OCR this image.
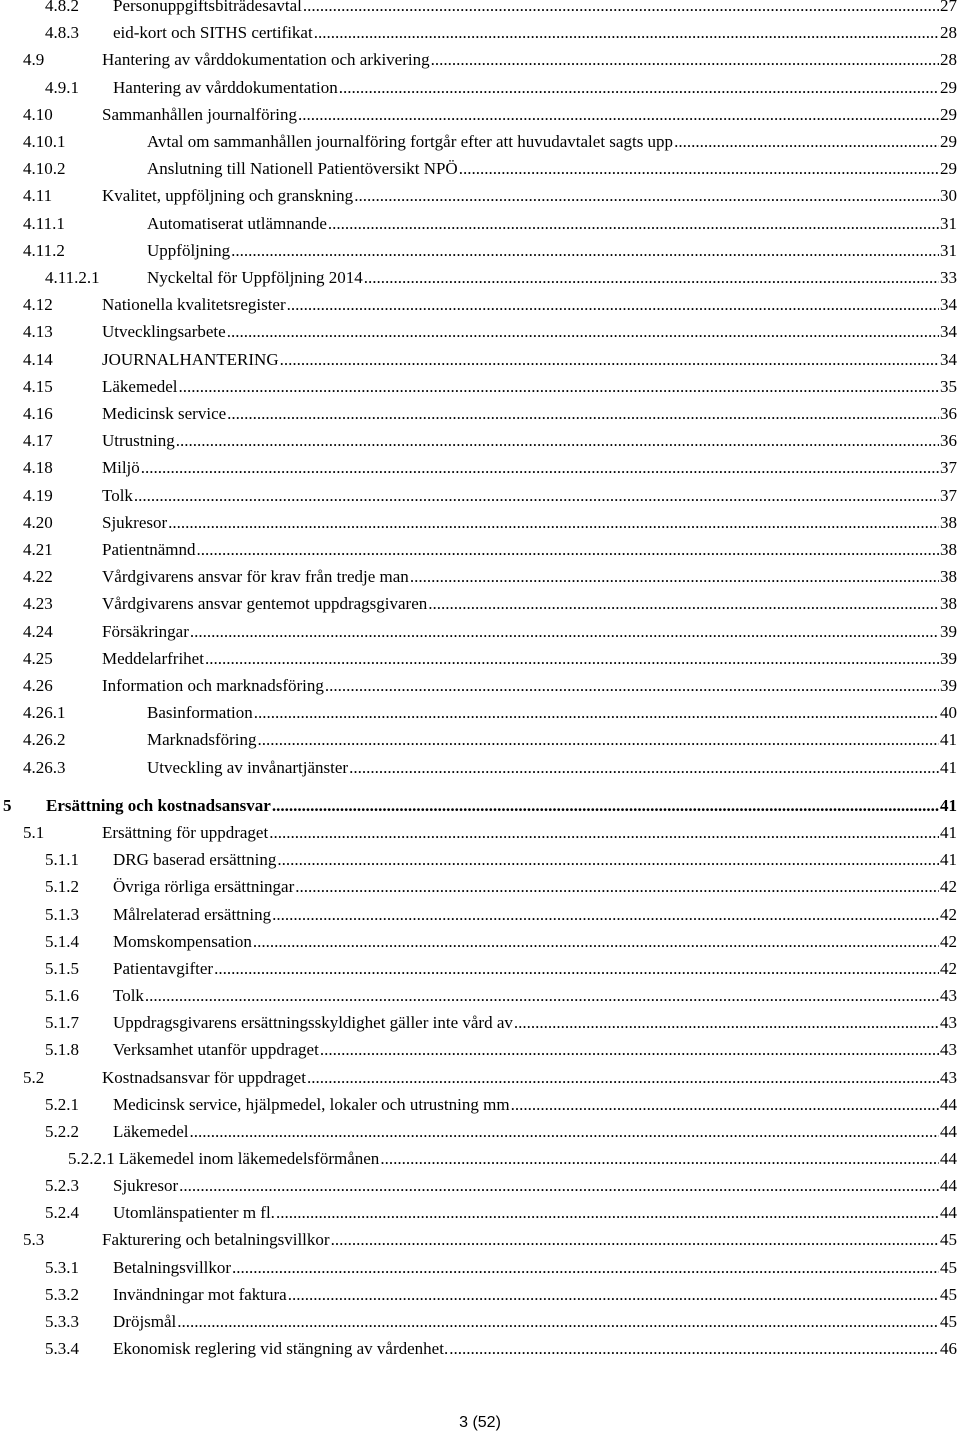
4.8.2 Personuppgiftsbiträdesavtal .....	27
4.8.3 eid-kort och SITHS certifikat .....	28
4.9	Hantering av vårddokumentation och arkivering .....	28
4.9.1 Hantering av vårddokumentation .....	29
4.10	Sammanhållen journalföring .....	29
4.10.1	Avtal om sammanhållen journalföring fortgår efter att huvudavtalet sagts upp .....	29
4.10.2	Anslutning till Nationell Patientöversikt NPÖ .....	29
4.11	Kvalitet, uppföljning och granskning .....	30
4.11.1	Automatiserat utlämnande .....	31
4.11.2	Uppföljning .....	31
4.11.2.1	Nyckeltal för Uppföljning 2014 .....	33
4.12	Nationella kvalitetsregister .....	34
4.13	Utvecklingsarbete .....	34
4.14	JOURNALHANTERING .....	34
4.15	Läkemedel .....	35
4.16	Medicinsk service .....	36
4.17	Utrustning .....	36
4.18	Miljö .....	37
4.19	Tolk .....	37
4.20	Sjukresor .....	38
4.21	Patientnämnd .....	38
4.22	Vårdgivarens ansvar för krav från tredje man .....	38
4.23	Vårdgivarens ansvar gentemot uppdragsgivaren .....	38
4.24	Försäkringar .....	39
4.25	Meddelarfrihet .....	39
4.26	Information och marknadsföring .....	39
4.26.1	Basinformation .....	40
4.26.2	Marknadsföring .....	41
4.26.3	Utveckling av invånartjänster .....	41
5 Ersättning och kostnadsansvar .....	41
5.1	Ersättning för uppdraget .....	41
5.1.1 DRG baserad ersättning .....	41
5.1.2 Övriga rörliga ersättningar .....	42
5.1.3 Målrelaterad ersättning .....	42
5.1.4 Momskompensation .....	42
5.1.5 Patientavgifter .....	42
5.1.6 Tolk .....	43
5.1.7 Uppdragsgivarens ersättningsskyldighet gäller inte vård av .....	43
5.1.8 Verksamhet utanför uppdraget .....	43
5.2	Kostnadsansvar för uppdraget .....	43
5.2.1 Medicinsk service, hjälpmedel, lokaler och utrustning mm .....	44
5.2.2 Läkemedel .....	44
5.2.2.1 Läkemedel inom läkemedelsförmånen .....	44
5.2.3 Sjukresor .....	44
5.2.4 Utomlänspatienter m fl. .....	44
5.3	Fakturering och betalningsvillkor .....	45
5.3.1 Betalningsvillkor .....	45
5.3.2 Invändningar mot faktura .....	45
5.3.3 Dröjsmål .....	45
5.3.4 Ekonomisk reglering vid stängning av vårdenhet. .....	46
3 (52)
